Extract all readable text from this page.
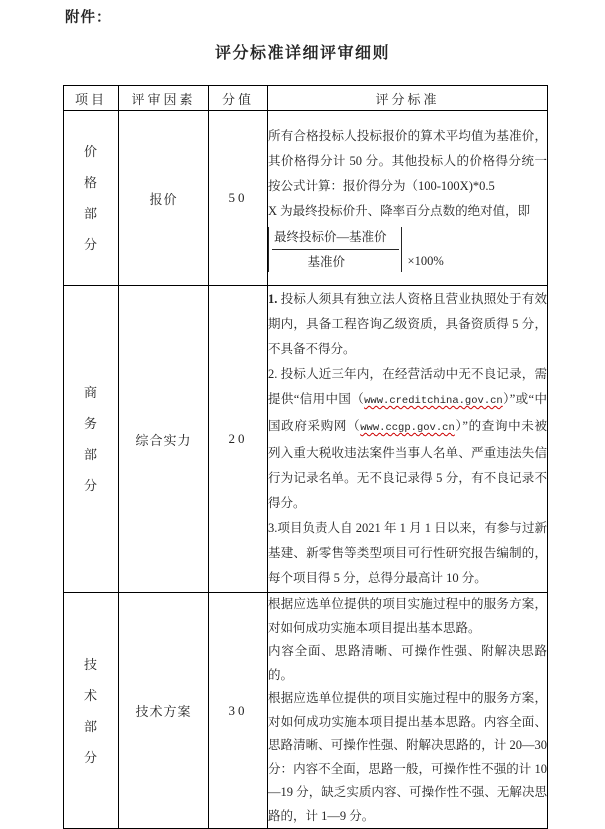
附件：
评分标准详细评审细则
项目	评审因素	分值	评分标准

价格部分	报价	50	所有合格投标人投标报价的算术平均值为基准价，其价格得分计 50 分。其他投标人的价格得分统一按公式计算：报价得分为（100-100X)*0.5

X 为最终投标价升、降率百分点数的绝对值，即

$\frac{\text{最终投标价—基准价}}{\text{基准价}} \times 100\%$

商务部分	综合实力	20	1. 投标人须具有独立法人资格且营业执照处于有效期内，具备工程咨询乙级资质，具备资质得 5 分，不具备不得分。

2. 投标人近三年内，在经营活动中无不良记录，需提供“信用中国（www.creditchina.gov.cn）”或“中国政府采购网（www.ccgp.gov.cn）”的查询中未被列入重大税收违法案件当事人名单、严重违法失信行为记录名单。无不良记录得 5 分，有不良记录不得分。

3.项目负责人自 2021 年 1 月 1 日以来，有参与过新基建、新零售等类型项目可行性研究报告编制的，每个项目得 5 分，总得分最高计 10 分。

技术部分	技术方案	30	根据应选单位提供的项目实施过程中的服务方案，对如何成功实施本项目提出基本思路。

内容全面、思路清晰、可操作性强、附解决思路的。

根据应选单位提供的项目实施过程中的服务方案，对如何成功实施本项目提出基本思路。内容全面、思路清晰、可操作性强、附解决思路的，计 20—30 分：内容不全面，思路一般，可操作性不强的计 10—19 分，缺乏实质内容、可操作性不强、无解决思路的，计 1—9 分。
